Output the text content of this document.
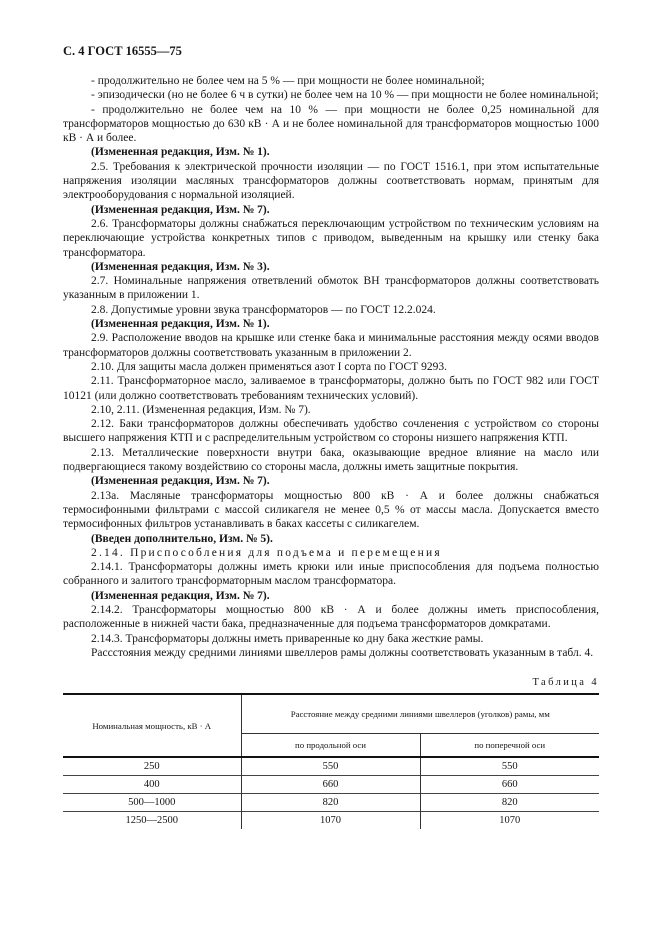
С. 4 ГОСТ 16555—75

- продолжительно не более чем на 5 % — при мощности не более номинальной;

- эпизодически (но не более 6 ч в сутки) не более чем на 10 % — при мощности не более номинальной;

- продолжительно не более чем на 10 % — при мощности не более 0,25 номинальной для трансформаторов мощностью до 630 кВ · А и не более номинальной для трансформаторов мощностью 1000 кВ · А и более.

(Измененная редакция, Изм. № 1).

2.5. Требования к электрической прочности изоляции — по ГОСТ 1516.1, при этом испытательные напряжения изоляции масляных трансформаторов должны соответствовать нормам, принятым для электрооборудования с нормальной изоляцией.

(Измененная редакция, Изм. № 7).

2.6. Трансформаторы должны снабжаться переключающим устройством по техническим условиям на переключающие устройства конкретных типов с приводом, выведенным на крышку или стенку бака трансформатора.

(Измененная редакция, Изм. № 3).

2.7. Номинальные напряжения ответвлений обмоток ВН трансформаторов должны соответствовать указанным в приложении 1.

2.8. Допустимые уровни звука трансформаторов — по ГОСТ 12.2.024.

(Измененная редакция, Изм. № 1).

2.9. Расположение вводов на крышке или стенке бака и минимальные расстояния между осями вводов трансформаторов должны соответствовать указанным в приложении 2.

2.10. Для защиты масла должен применяться азот I сорта по ГОСТ 9293.

2.11. Трансформаторное масло, заливаемое в трансформаторы, должно быть по ГОСТ 982 или ГОСТ 10121 (или должно соответствовать требованиям технических условий).

2.10, 2.11. (Измененная редакция, Изм. № 7).

2.12. Баки трансформаторов должны обеспечивать удобство сочленения с устройством со стороны высшего напряжения КТП и с распределительным устройством со стороны низшего напряжения КТП.

2.13. Металлические поверхности внутри бака, оказывающие вредное влияние на масло или подвергающиеся такому воздействию со стороны масла, должны иметь защитные покрытия.

(Измененная редакция, Изм. № 7).

2.13а. Масляные трансформаторы мощностью 800 кВ · А и более должны снабжаться термосифонными фильтрами с массой силикагеля не менее 0,5 % от массы масла. Допускается вместо термосифонных фильтров устанавливать в баках кассеты с силикагелем.

(Введен дополнительно, Изм. № 5).

2.14. Приспособления для подъема и перемещения

2.14.1. Трансформаторы должны иметь крюки или иные приспособления для подъема полностью собранного и залитого трансформаторным маслом трансформатора.

(Измененная редакция, Изм. № 7).

2.14.2. Трансформаторы мощностью 800 кВ · А и более должны иметь приспособления, расположенные в нижней части бака, предназначенные для подъема трансформаторов домкратами.

2.14.3. Трансформаторы должны иметь приваренные ко дну бака жесткие рамы.

Рассстояния между средними линиями швеллеров рамы должны соответствовать указанным в табл. 4.

Таблица 4
Номинальная мощность, кВ · А	Расстояние между средними линиями швеллеров (уголков) рамы, мм	
	по продольной оси	по поперечной оси
250	550	550
400	660	660
500—1000	820	820
1250—2500	1070	1070
